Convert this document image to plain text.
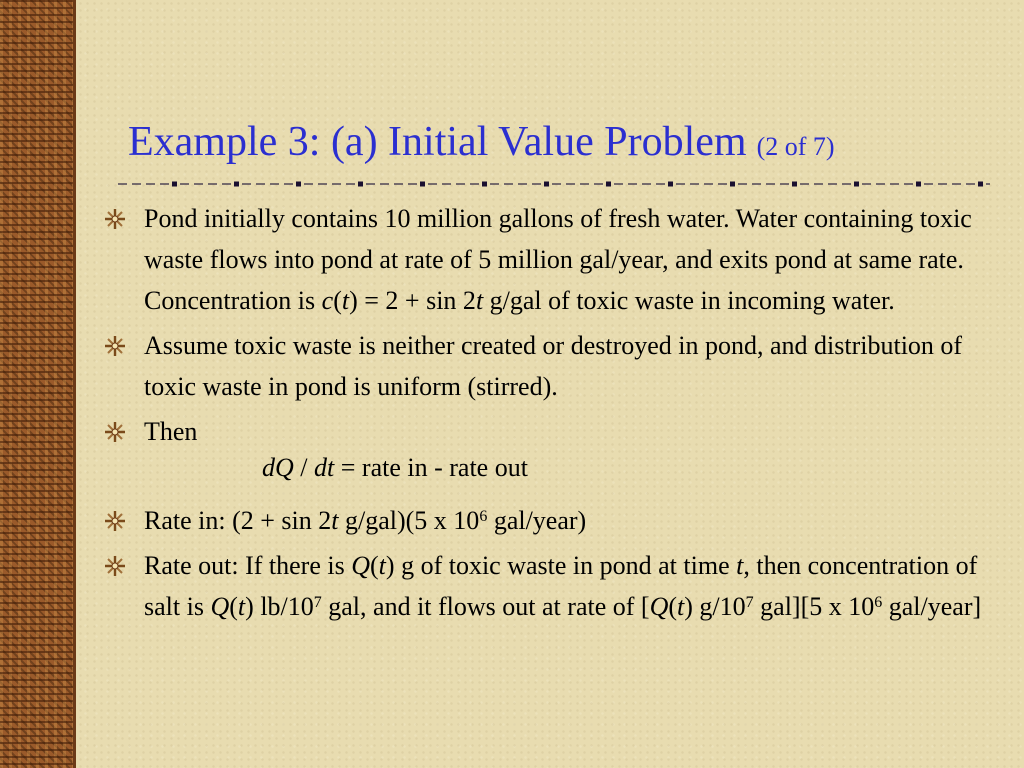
Example 3: (a) Initial Value Problem (2 of 7)
Pond initially contains 10 million gallons of fresh water. Water containing toxic waste flows into pond at rate of 5 million gal/year, and exits pond at same rate. Concentration is c(t) = 2 + sin 2t g/gal of toxic waste in incoming water.
Assume toxic waste is neither created or destroyed in pond, and distribution of toxic waste in pond is uniform (stirred).
Then
dQ / dt = rate in - rate out
Rate in: (2 + sin 2t g/gal)(5 x $10^6$ gal/year)
Rate out: If there is Q(t) g of toxic waste in pond at time t, then concentration of salt is Q(t) $lb/10^7$ gal, and it flows out at rate of [Q(t) $g/10^7$ gal][5 x $10^6$ gal/year]
